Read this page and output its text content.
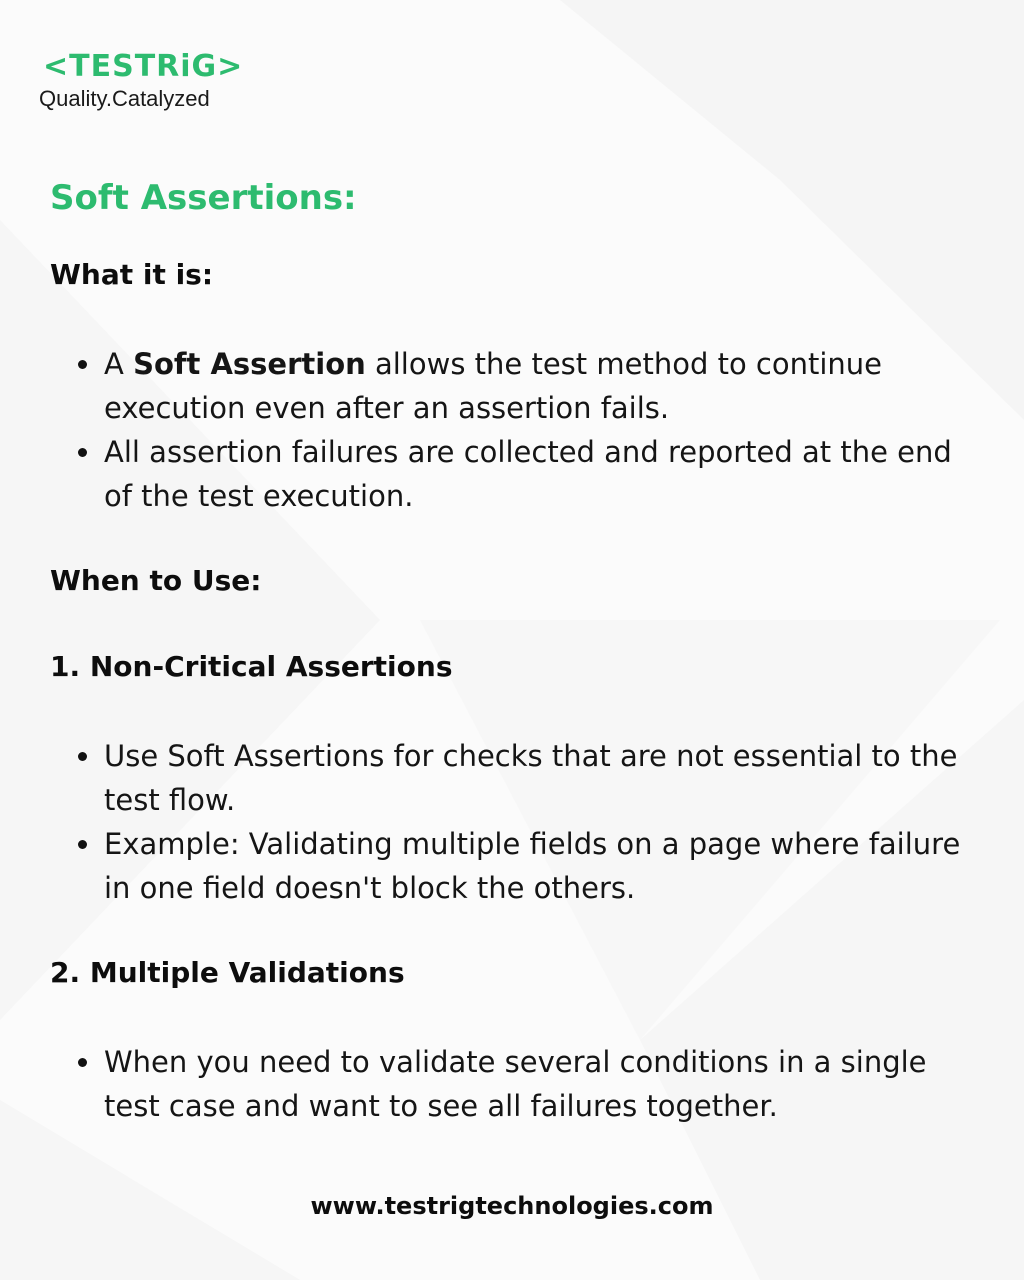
<TESTRiG>
Quality.Catalyzed
Soft Assertions:
What it is:
A Soft Assertion allows the test method to continue execution even after an assertion fails.
All assertion failures are collected and reported at the end of the test execution.
When to Use:
1. Non-Critical Assertions
Use Soft Assertions for checks that are not essential to the test flow.
Example: Validating multiple fields on a page where failure in one field doesn't block the others.
2. Multiple Validations
When you need to validate several conditions in a single test case and want to see all failures together.
www.testrigtechnologies.com
